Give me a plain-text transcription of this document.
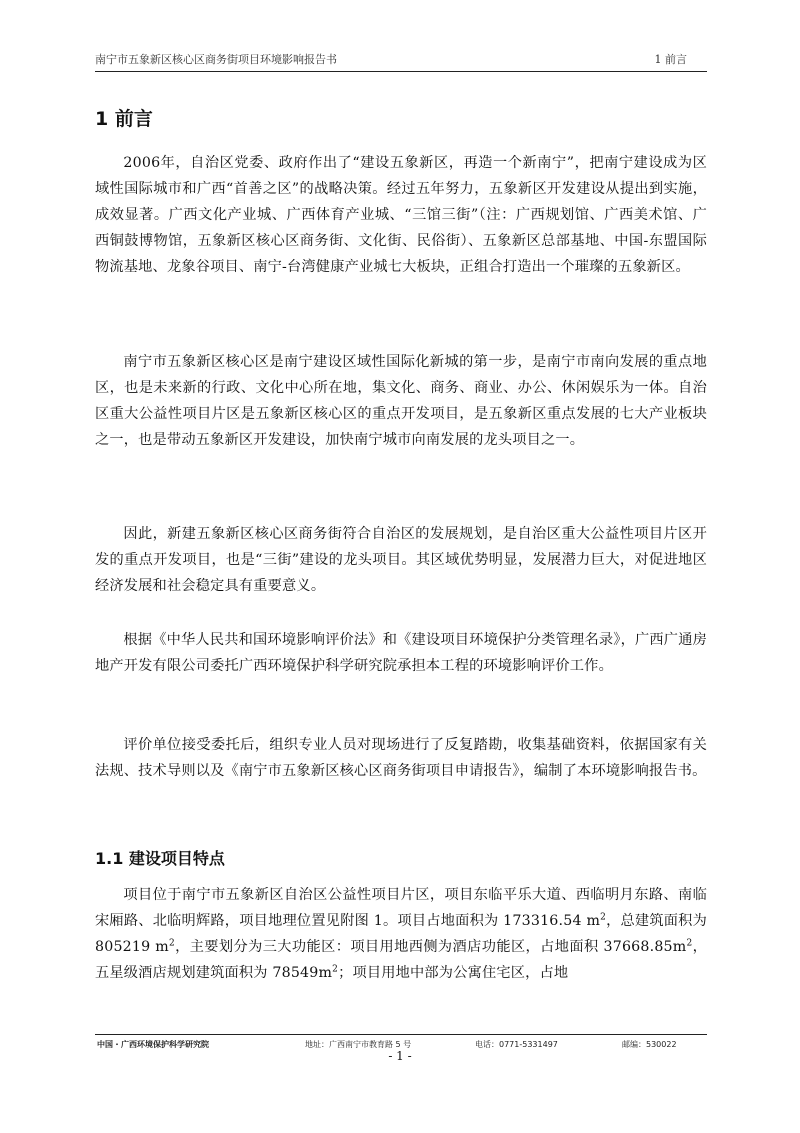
南宁市五象新区核心区商务街项目环境影响报告书	1 前言
1 前言

2006年，自治区党委、政府作出了“建设五象新区，再造一个新南宁”，把南宁建设成为区域性国际城市和广西“首善之区”的战略决策。经过五年努力，五象新区开发建设从提出到实施，成效显著。广西文化产业城、广西体育产业城、“三馆三街”（注：广西规划馆、广西美术馆、广西铜鼓博物馆，五象新区核心区商务街、文化街、民俗街）、五象新区总部基地、中国-东盟国际物流基地、龙象谷项目、南宁-台湾健康产业城七大板块，正组合打造出一个璀璨的五象新区。

南宁市五象新区核心区是南宁建设区域性国际化新城的第一步，是南宁市南向发展的重点地区，也是未来新的行政、文化中心所在地，集文化、商务、商业、办公、休闲娱乐为一体。自治区重大公益性项目片区是五象新区核心区的重点开发项目，是五象新区重点发展的七大产业板块之一，也是带动五象新区开发建设，加快南宁城市向南发展的龙头项目之一。

因此，新建五象新区核心区商务街符合自治区的发展规划，是自治区重大公益性项目片区开发的重点开发项目，也是“三街”建设的龙头项目。其区域优势明显，发展潜力巨大，对促进地区经济发展和社会稳定具有重要意义。

根据《中华人民共和国环境影响评价法》和《建设项目环境保护分类管理名录》，广西广通房地产开发有限公司委托广西环境保护科学研究院承担本工程的环境影响评价工作。

评价单位接受委托后，组织专业人员对现场进行了反复踏勘，收集基础资料，依据国家有关法规、技术导则以及《南宁市五象新区核心区商务街项目申请报告》，编制了本环境影响报告书。

1.1 建设项目特点

项目位于南宁市五象新区自治区公益性项目片区，项目东临平乐大道、西临明月东路、南临宋厢路、北临明辉路，项目地理位置见附图 1。项目占地面积为 173316.54 $m^2$，总建筑面积为 805219 $m^2$，主要划分为三大功能区：项目用地西侧为酒店功能区，占地面积 $37668.85m^2$，五星级酒店规划建筑面积为 $78549m^2$；项目用地中部为公寓住宅区，占地

中国・广西环境保护科学研究院	地址：广西南宁市教育路 5 号	电话：0771-5331497	邮编：530022
- 1 -
